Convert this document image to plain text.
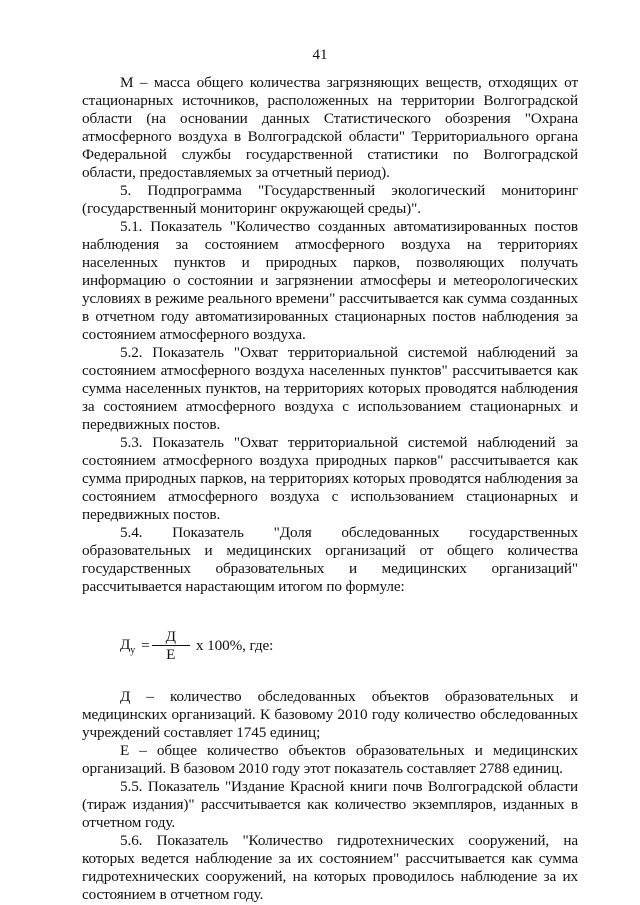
41

М – масса общего количества загрязняющих веществ, отходящих от стационарных источников, расположенных на территории Волгоградской области (на основании данных Статистического обозрения "Охрана атмосферного воздуха в Волгоградской области" Территориального органа Федеральной службы государственной статистики по Волгоградской области, предоставляемых за отчетный период).

5. Подпрограмма "Государственный экологический мониторинг (государственный мониторинг окружающей среды)".

5.1. Показатель "Количество созданных автоматизированных постов наблюдения за состоянием атмосферного воздуха на территориях населенных пунктов и природных парков, позволяющих получать информацию о состоянии и загрязнении атмосферы и метеорологических условиях в режиме реального времени" рассчитывается как сумма созданных в отчетном году автоматизированных стационарных постов наблюдения за состоянием атмосферного воздуха.

5.2. Показатель "Охват территориальной системой наблюдений за состоянием атмосферного воздуха населенных пунктов" рассчитывается как сумма населенных пунктов, на территориях которых проводятся наблюдения за состоянием атмосферного воздуха с использованием стационарных и передвижных постов.

5.3. Показатель "Охват территориальной системой наблюдений за состоянием атмосферного воздуха природных парков" рассчитывается как сумма природных парков, на территориях которых проводятся наблюдения за состоянием атмосферного воздуха с использованием стационарных и передвижных постов.

5.4. Показатель "Доля обследованных государственных образовательных и медицинских организаций от общего количества государственных образовательных и медицинских организаций" рассчитывается нарастающим итогом по формуле:

$Д_у = \frac{Д}{Е}$ х 100%, где:

Д – количество обследованных объектов образовательных и медицинских организаций. К базовому 2010 году количество обследованных учреждений составляет 1745 единиц;

Е – общее количество объектов образовательных и медицинских организаций. В базовом 2010 году этот показатель составляет 2788 единиц.

5.5. Показатель "Издание Красной книги почв Волгоградской области (тираж издания)" рассчитывается как количество экземпляров, изданных в отчетном году.

5.6. Показатель "Количество гидротехнических сооружений, на которых ведется наблюдение за их состоянием" рассчитывается как сумма гидротехнических сооружений, на которых проводилось наблюдение за их состоянием в отчетном году.
